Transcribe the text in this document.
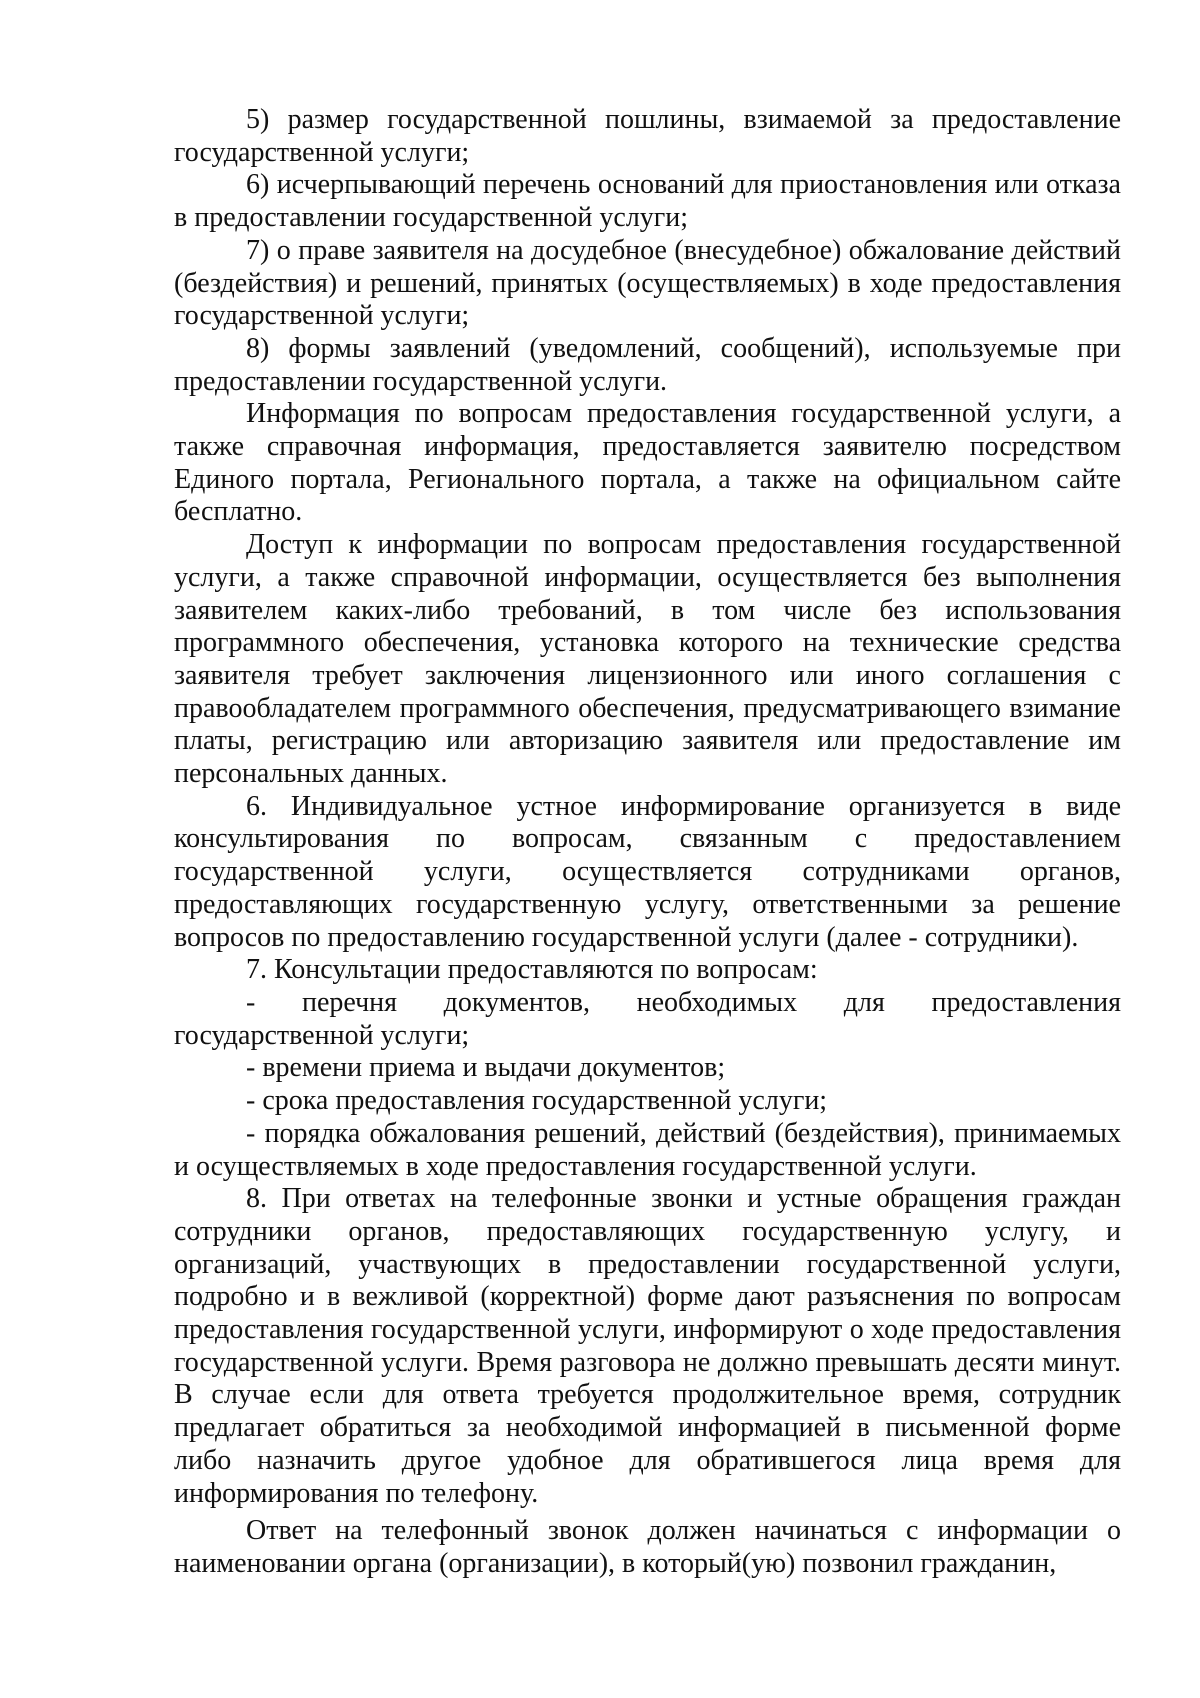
5) размер государственной пошлины, взимаемой за предоставление государственной услуги;

6) исчерпывающий перечень оснований для приостановления или отказа в предоставлении государственной услуги;

7) о праве заявителя на досудебное (внесудебное) обжалование действий (бездействия) и решений, принятых (осуществляемых) в ходе предоставления государственной услуги;

8) формы заявлений (уведомлений, сообщений), используемые при предоставлении государственной услуги.

Информация по вопросам предоставления государственной услуги, а также справочная информация, предоставляется заявителю посредством Единого портала, Регионального портала, а также на официальном сайте бесплатно.

Доступ к информации по вопросам предоставления государственной услуги, а также справочной информации, осуществляется без выполнения заявителем каких-либо требований, в том числе без использования программного обеспечения, установка которого на технические средства заявителя требует заключения лицензионного или иного соглашения с правообладателем программного обеспечения, предусматривающего взимание платы, регистрацию или авторизацию заявителя или предоставление им персональных данных.

6. Индивидуальное устное информирование организуется в виде консультирования по вопросам, связанным с предоставлением государственной услуги, осуществляется сотрудниками органов, предоставляющих государственную услугу, ответственными за решение вопросов по предоставлению государственной услуги (далее - сотрудники).

7. Консультации предоставляются по вопросам:

- перечня документов, необходимых для предоставления государственной услуги;

- времени приема и выдачи документов;

- срока предоставления государственной услуги;

- порядка обжалования решений, действий (бездействия), принимаемых и осуществляемых в ходе предоставления государственной услуги.

8. При ответах на телефонные звонки и устные обращения граждан сотрудники органов, предоставляющих государственную услугу, и организаций, участвующих в предоставлении государственной услуги, подробно и в вежливой (корректной) форме дают разъяснения по вопросам предоставления государственной услуги, информируют о ходе предоставления государственной услуги. Время разговора не должно превышать десяти минут. В случае если для ответа требуется продолжительное время, сотрудник предлагает обратиться за необходимой информацией в письменной форме либо назначить другое удобное для обратившегося лица время для информирования по телефону.

Ответ на телефонный звонок должен начинаться с информации о наименовании органа (организации), в который(ую) позвонил гражданин,
